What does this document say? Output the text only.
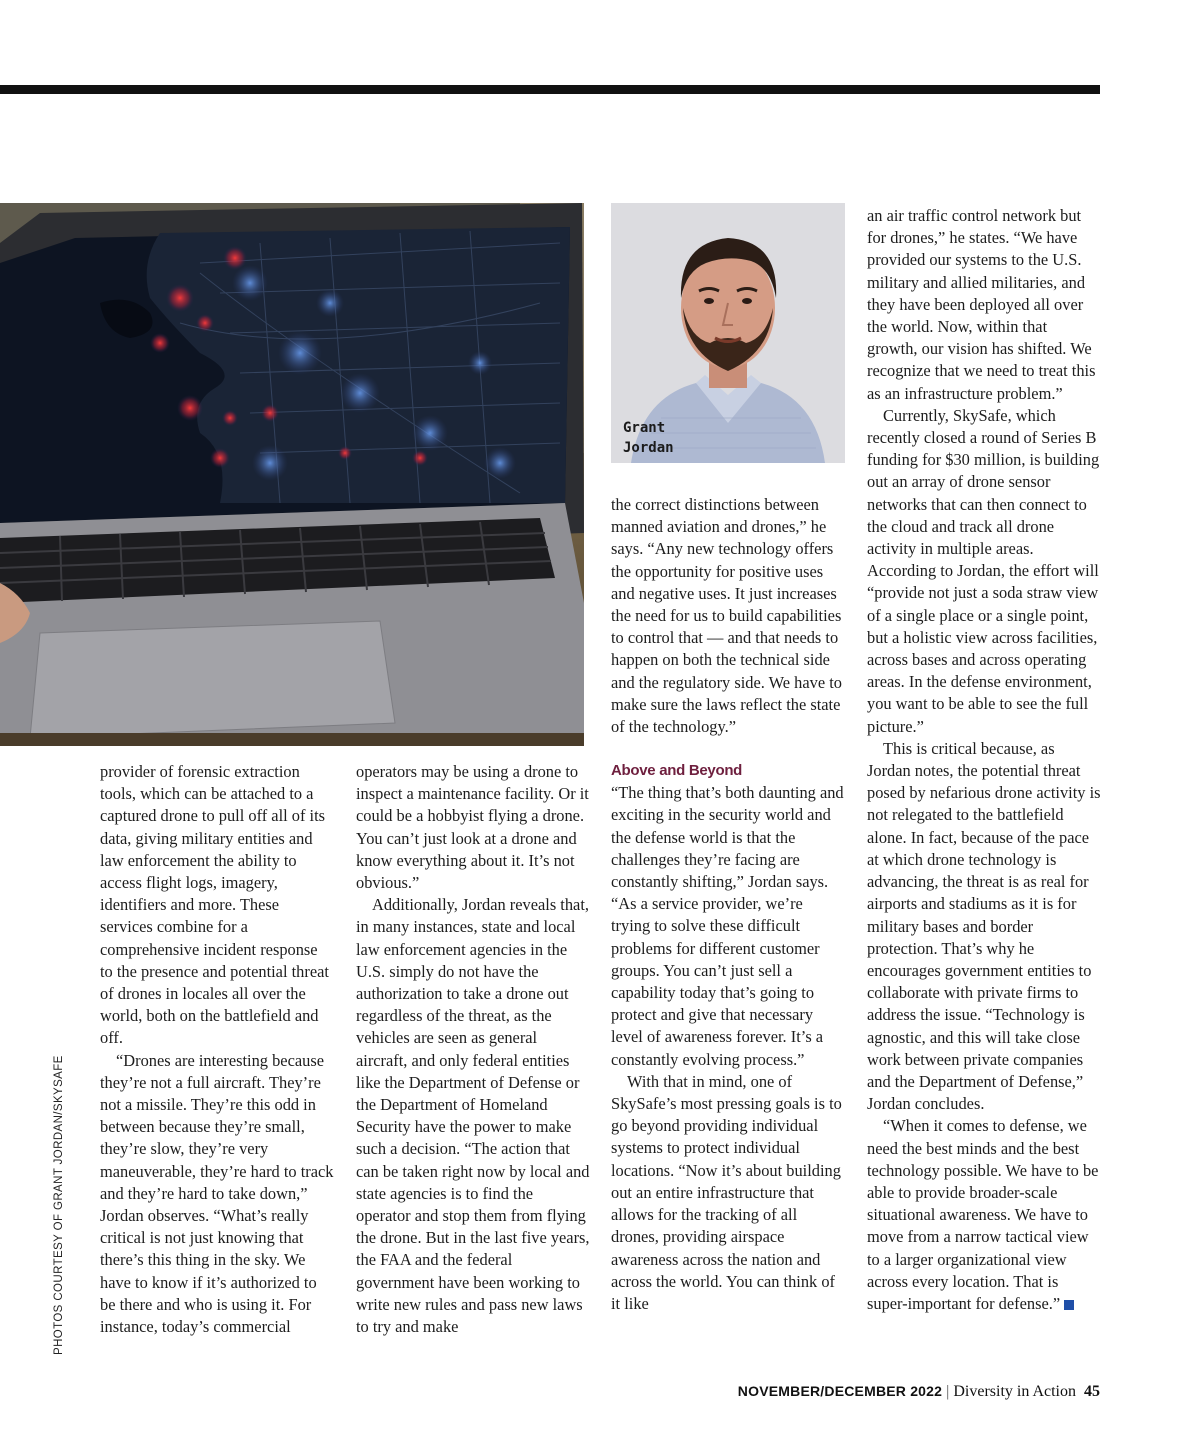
Grant
Jordan

provider of forensic extraction tools, which can be attached to a captured drone to pull off all of its data, giving military entities and law enforcement the ability to access flight logs, imagery, identifiers and more. These services combine for a comprehensive incident response to the presence and potential threat of drones in locales all over the world, both on the battlefield and off.

“Drones are interesting because they’re not a full aircraft. They’re not a missile. They’re this odd in between because they’re small, they’re slow, they’re very maneuverable, they’re hard to track and they’re hard to take down,” Jordan observes. “What’s really critical is not just knowing that there’s this thing in the sky. We have to know if it’s authorized to be there and who is using it. For instance, today’s commercial

operators may be using a drone to inspect a maintenance facility. Or it could be a hobbyist flying a drone. You can’t just look at a drone and know everything about it. It’s not obvious.”

Additionally, Jordan reveals that, in many instances, state and local law enforcement agencies in the U.S. simply do not have the authorization to take a drone out regardless of the threat, as the vehicles are seen as general aircraft, and only federal entities like the Department of Defense or the Department of Homeland Security have the power to make such a decision. “The action that can be taken right now by local and state agencies is to find the operator and stop them from flying the drone. But in the last five years, the FAA and the federal government have been working to write new rules and pass new laws to try and make

the correct distinctions between manned aviation and drones,” he says. “Any new technology offers the opportunity for positive uses and negative uses. It just increases the need for us to build capabilities to control that — and that needs to happen on both the technical side and the regulatory side. We have to make sure the laws reflect the state of the technology.”

Above and Beyond

“The thing that’s both daunting and exciting in the security world and the defense world is that the challenges they’re facing are constantly shifting,” Jordan says. “As a service provider, we’re trying to solve these difficult problems for different customer groups. You can’t just sell a capability today that’s going to protect and give that necessary level of awareness forever. It’s a constantly evolving process.”

With that in mind, one of SkySafe’s most pressing goals is to go beyond providing individual systems to protect individual locations. “Now it’s about building out an entire infrastructure that allows for the tracking of all drones, providing airspace awareness across the nation and across the world. You can think of it like

an air traffic control network but for drones,” he states. “We have provided our systems to the U.S. military and allied militaries, and they have been deployed all over the world. Now, within that growth, our vision has shifted. We recognize that we need to treat this as an infrastructure problem.”

Currently, SkySafe, which recently closed a round of Series B funding for $30 million, is building out an array of drone sensor networks that can then connect to the cloud and track all drone activity in multiple areas. According to Jordan, the effort will “provide not just a soda straw view of a single place or a single point, but a holistic view across facilities, across bases and across operating areas. In the defense environment, you want to be able to see the full picture.”

This is critical because, as Jordan notes, the potential threat posed by nefarious drone activity is not relegated to the battlefield alone. In fact, because of the pace at which drone technology is advancing, the threat is as real for airports and stadiums as it is for military bases and border protection. That’s why he encourages government entities to collaborate with private firms to address the issue. “Technology is agnostic, and this will take close work between private companies and the Department of Defense,” Jordan concludes.

“When it comes to defense, we need the best minds and the best technology possible. We have to be able to provide broader-scale situational awareness. We have to move from a narrow tactical view to a larger organizational view across every location. That is super-important for defense.”

PHOTOS COURTESY OF GRANT JORDAN/SKYSAFE
NOVEMBER/DECEMBER 2022 | Diversity in Action 45
